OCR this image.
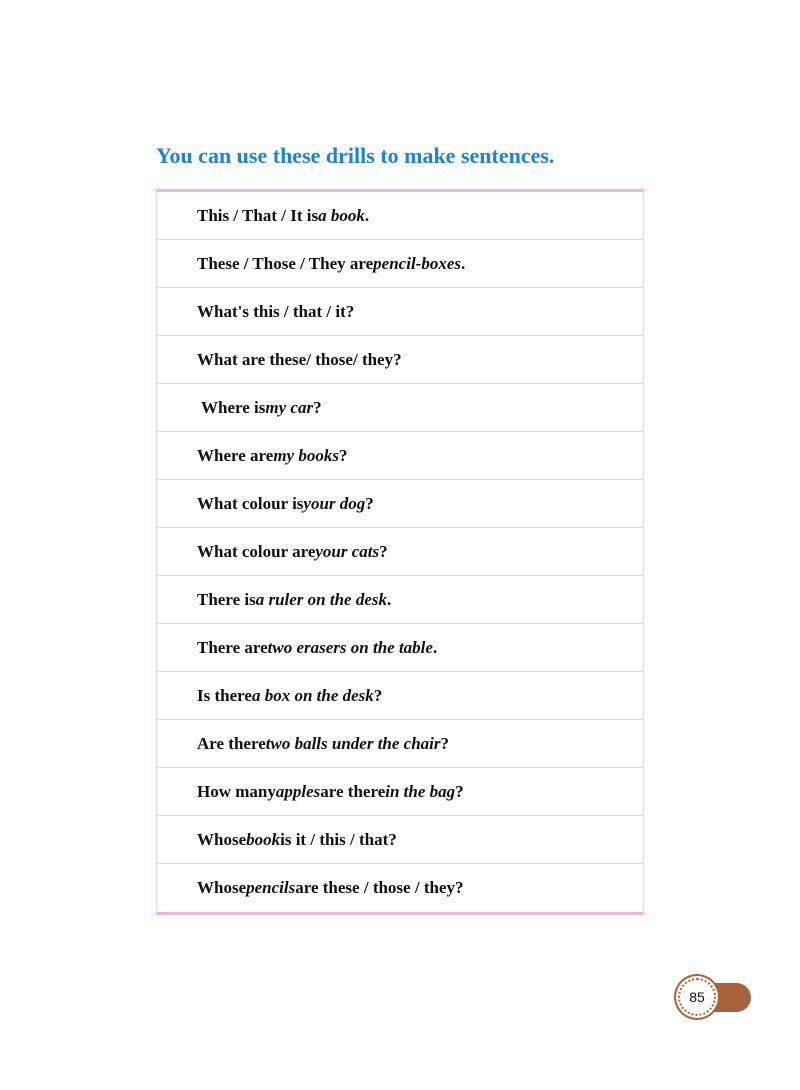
You can use these drills to make sentences.
This / That / It is a book .
These / Those / They are pencil-boxes .
What's this / that / it?
What are these/ those/ they?
Where is my car ?
Where are my books ?
What colour is your dog ?
What colour are your cats ?
There is a ruler on the desk .
There are two erasers on the table .
Is there a box on the desk ?
Are there two balls under the chair ?
How many apples are there in the bag ?
Whose book is it / this / that?
Whose pencils are these / those / they?
85
